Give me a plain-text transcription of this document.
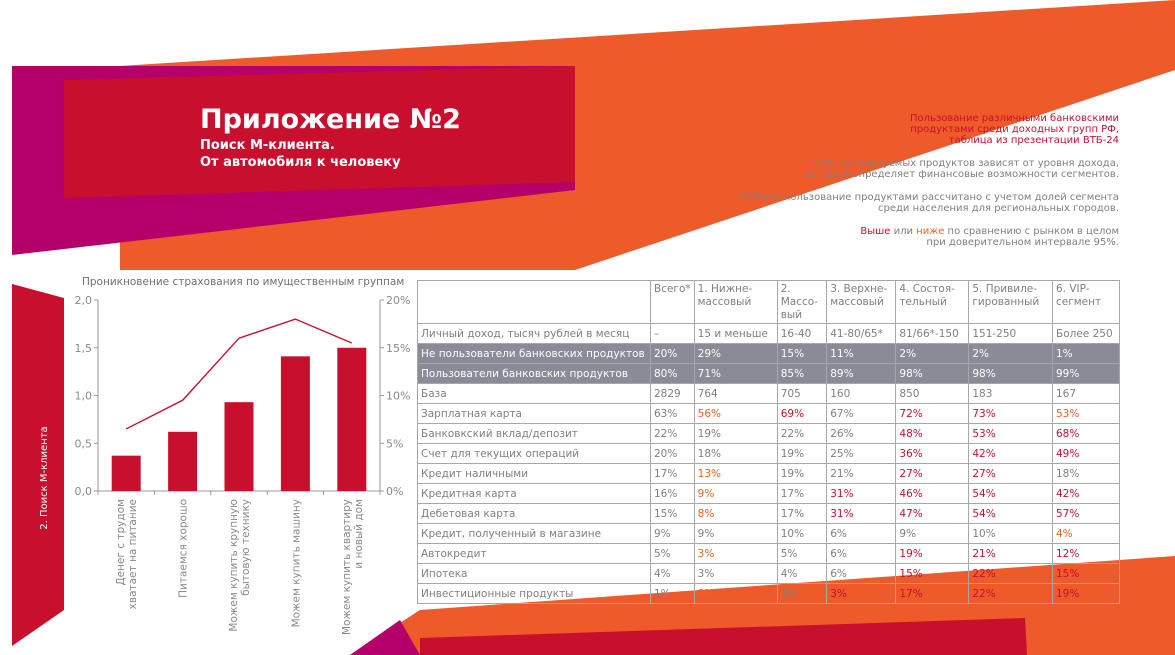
Приложение №2
Поиск М-клиента.
От автомобиля к человеку
2. Поиск М-клиента

Пользование различными банковскими
продуктами среди доходных групп РФ,
таблица из презентации ВТБ-24

Типы используемых продуктов зависят от уровня дохода,
который определяет финансовые возможности сегментов.

*Общее пользование продуктами рассчитано с учетом долей сегмента
среди населения для региональных городов.

Выше или ниже по сравнению с рынком в целом
при доверительном интервале 95%.

Проникновение страхования по имущественным группам
0,0
0,5
1,0
1,5
2,0
0%
5%
10%
15%
20%
Денег с трудом хватает на питание	Питаемся хорошо	Можем купить крупную бытовую технику	Можем купить машину	Можем купить квартиру и новый дом
	Всего*	1. Нижне-массовый	2. Массо-вый	3. Верхне-массовый	4. Состоя-тельный	5. Привиле-гированный	6. VIP-сегмент
Личный доход, тысяч рублей в месяц	–	15 и меньше	16-40	41-80/65*	81/66*-150	151-250	Более 250
Не пользователи банковских продуктов	20%	29%	15%	11%	2%	2%	1%
Пользователи банковских продуктов	80%	71%	85%	89%	98%	98%	99%
База	2829	764	705	160	850	183	167
Зарплатная карта	63%	56%	69%	67%	72%	73%	53%
Банковкский вклад/депозит	22%	19%	22%	26%	48%	53%	68%
Счет для текущих операций	20%	18%	19%	25%	36%	42%	49%
Кредит наличными	17%	13%	19%	21%	27%	27%	18%
Кредитная карта	16%	9%	17%	31%	46%	54%	42%
Дебетовая карта	15%	8%	17%	31%	47%	54%	57%
Кредит, полученный в магазине	9%	9%	10%	6%	9%	10%	4%
Автокредит	5%	3%	5%	6%	19%	21%	12%
Ипотека	4%	3%	4%	6%	15%	22%	15%
Инвестиционные продукты	1%	0%	1%	3%	17%	22%	19%
